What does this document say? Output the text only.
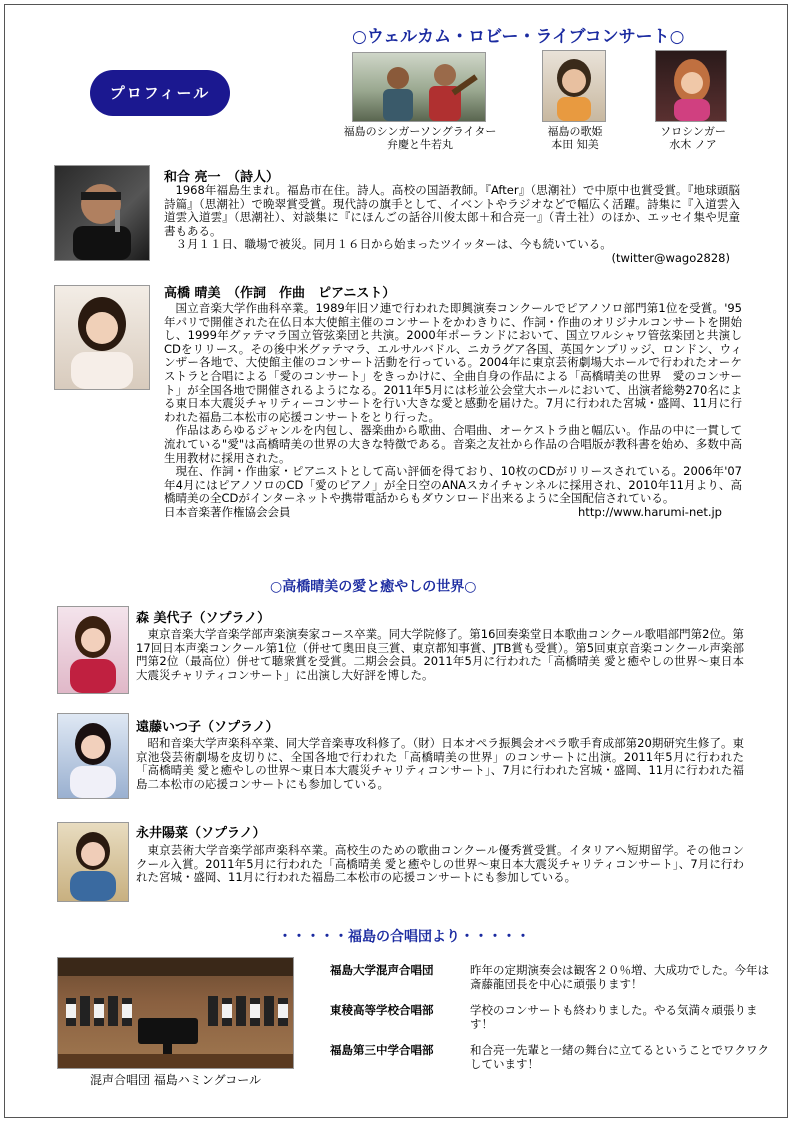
○ウェルカム・ロビー・ライブコンサート○
プロフィール
福島のシンガーソングライター
弁慶と牛若丸
福島の歌姫
本田 知美
ソロシンガー
水木 ノア
和合 亮一　（詩人）

1968年福島生まれ。福島市在住。詩人。高校の国語教師。『After』（思潮社）で中原中也賞受賞。『地球頭脳詩篇』（思潮社）で晩翠賞受賞。現代詩の旗手として、イベントやラジオなどで幅広く活躍。詩集に『入道雲入道雲入道雲』（思潮社）、対談集に『にほんごの話谷川俊太郎＋和合亮一』（青土社）のほか、エッセイ集や児童書もある。

３月１１日、職場で被災。同月１６日から始まったツイッターは、今も続いている。

(twitter@wago2828)
高橋 晴美　（作詞　作曲　ピアニスト）

国立音楽大学作曲科卒業。1989年旧ソ連で行われた即興演奏コンクールでピアノソロ部門第1位を受賞。'95年パリで開催された在仏日本大使館主催のコンサートをかわきりに、作詞・作曲のオリジナルコンサートを開始し、1999年グァテマラ国立管弦楽団と共演。2000年ポーランドにおいて、国立ワルシャワ管弦楽団と共演しCDをリリース。その後中米グァテマラ、エルサルバドル、ニカラグア各国、英国ケンブリッジ、ロンドン、ウィンザー各地で、大使館主催のコンサート活動を行っている。2004年に東京芸術劇場大ホールで行われたオーケストラと合唱による「愛のコンサート」をきっかけに、全曲自身の作品による「高橋晴美の世界　愛のコンサート」が全国各地で開催されるようになる。2011年5月には杉並公会堂大ホールにおいて、出演者総勢270名による東日本大震災チャリティーコンサートを行い大きな愛と感動を届けた。7月に行われた宮城・盛岡、11月に行われた福島二本松市の応援コンサートをとり行った。

作品はあらゆるジャンルを内包し、器楽曲から歌曲、合唱曲、オーケストラ曲と幅広い。作品の中に一貫して流れている"愛"は高橋晴美の世界の大きな特徴である。音楽之友社から作品の合唱版が教科書を始め、多数中高生用教材に採用された。

現在、作詞・作曲家・ピアニストとして高い評価を得ており、10枚のCDがリリースされている。2006年'07年4月にはピアノソロのCD「愛のピアノ」が全日空のANAスカイチャンネルに採用され、2010年11月より、高橋晴美の全CDがインターネットや携帯電話からもダウンロード出来るように全国配信されている。

日本音楽著作権協会会員	http://www.harumi-net.jp
○高橋晴美の愛と癒やしの世界○
森 美代子（ソプラノ）
東京音楽大学音楽学部声楽演奏家コース卒業。同大学院修了。第16回奏楽堂日本歌曲コンクール歌唱部門第2位。第17回日本声楽コンクール第1位（併せて奥田良三賞、東京都知事賞、JTB賞も受賞）。第5回東京音楽コンクール声楽部門第2位（最高位）併せて聴衆賞を受賞。二期会会員。2011年5月に行われた「高橋晴美 愛と癒やしの世界～東日本大震災チャリティコンサート」に出演し大好評を博した。
遠藤いつ子（ソプラノ）
昭和音楽大学声楽科卒業、同大学音楽専攻科修了。（財）日本オペラ振興会オペラ歌手育成部第20期研究生修了。東京池袋芸術劇場を皮切りに、全国各地で行われた「高橋晴美の世界」のコンサートに出演。2011年5月に行われた「高橋晴美 愛と癒やしの世界～東日本大震災チャリティコンサート」、7月に行われた宮城・盛岡、11月に行われた福島二本松市の応援コンサートにも参加している。
永井陽菜（ソプラノ）
東京芸術大学音楽学部声楽科卒業。高校生のための歌曲コンクール優秀賞受賞。イタリアへ短期留学。その他コンクール入賞。2011年5月に行われた「高橋晴美 愛と癒やしの世界～東日本大震災チャリティコンサート」、7月に行われた宮城・盛岡、11月に行われた福島二本松市の応援コンサートにも参加している。
・・・・・福島の合唱団より・・・・・
混声合唱団 福島ハミングコール
福島大学混声合唱団	昨年の定期演奏会は観客２０％増、大成功でした。今年は斎藤龍団長を中心に頑張ります！
東稜高等学校合唱部	学校のコンサートも終わりました。やる気満々頑張ります！
福島第三中学合唱部	和合亮一先輩と一緒の舞台に立てるということでワクワクしています！
